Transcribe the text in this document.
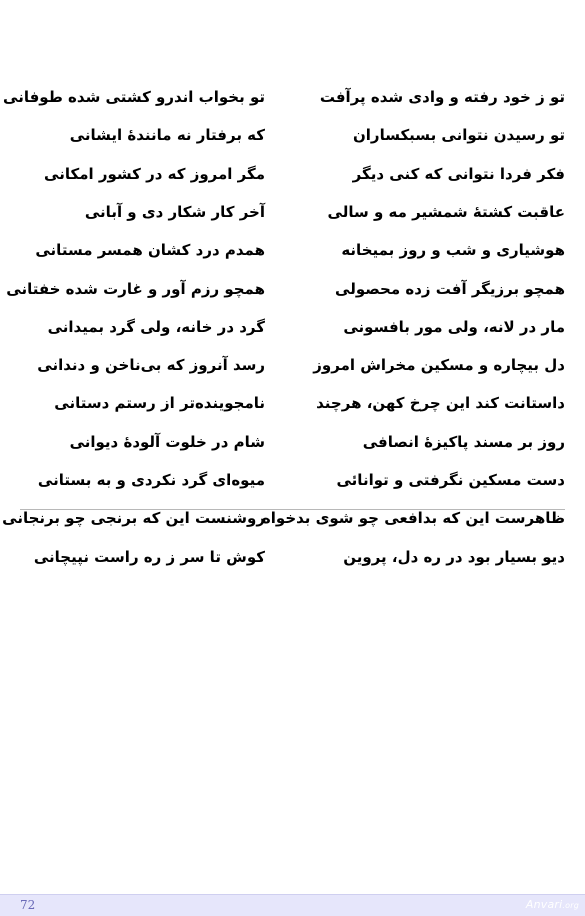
تو ز خود رفته و وادی شده پرآفت
تو بخواب اندرو کشتی شده طوفانی
تو رسیدن نتوانی بسبکساران
که برفتار نه مانندهٔ ایشانی
فکر فردا نتوانی که کنی دیگر
مگر امروز که در کشور امکانی
عاقبت کشتهٔ شمشیر مه و سالی
آخر کار شکار دی و آبانی
هوشیاری و شب و روز بمیخانه
همدم درد کشان همسر مستانی
همچو برزیگر آفت زده محصولی
همچو رزم آور و غارت شده خفتانی
مار در لانه، ولی مور بافسونی
گرد در خانه، ولی گرد بمیدانی
دل بیچاره و مسکین مخراش امروز
رسد آنروز که بی‌ناخن و دندانی
داستانت کند این چرخ کهن، هرچند
نامجوینده‌تر از رستم دستانی
روز بر مسند پاکیزهٔ انصافی
شام در خلوت آلودهٔ دیوانی
دست مسکین نگرفتی و توانائی
میوه‌ای گرد نکردی و به بستانی
ظاهرست این که بدافعی چو شوی بدخواه
روشنست این که برنجی چو برنجانی
دیو بسیار بود در ره دل، پروین
کوش تا سر ز ره راست نپیچانی
72	Anvari.org
